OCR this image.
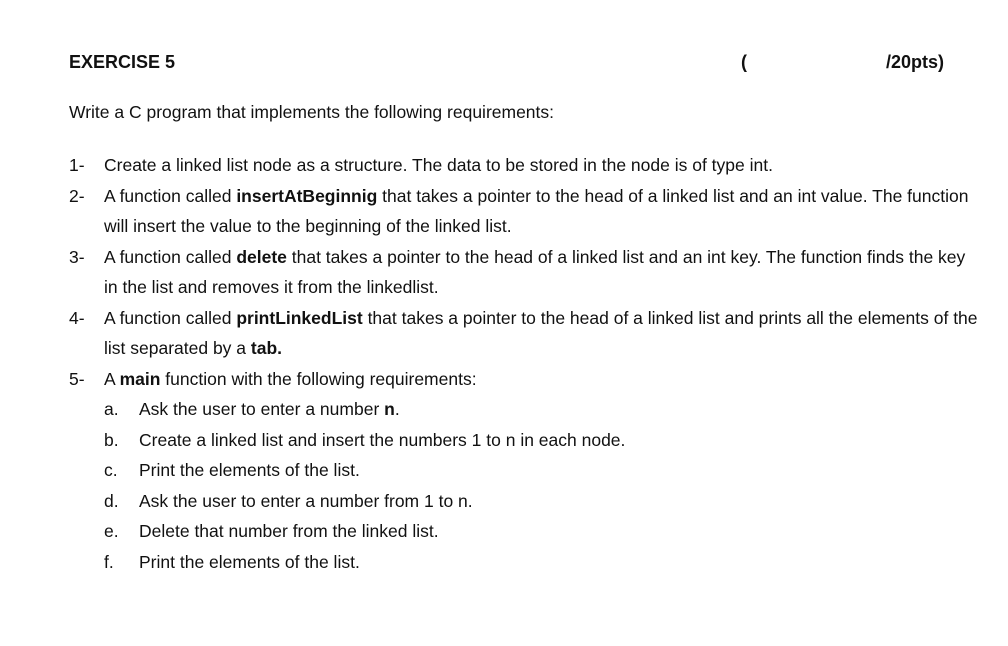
EXERCISE 5	(	/20pts)
Write a C program that implements the following requirements:
1- Create a linked list node as a structure. The data to be stored in the node is of type int.
2- A function called insertAtBeginnig that takes a pointer to the head of a linked list and an int value. The function will insert the value to the beginning of the linked list.
3- A function called delete that takes a pointer to the head of a linked list and an int key. The function finds the key in the list and removes it from the linkedlist.
4- A function called printLinkedList that takes a pointer to the head of a linked list and prints all the elements of the list separated by a tab.
5- A main function with the following requirements:
a. Ask the user to enter a number n.
b. Create a linked list and insert the numbers 1 to n in each node.
c. Print the elements of the list.
d. Ask the user to enter a number from 1 to n.
e. Delete that number from the linked list.
f. Print the elements of the list.
